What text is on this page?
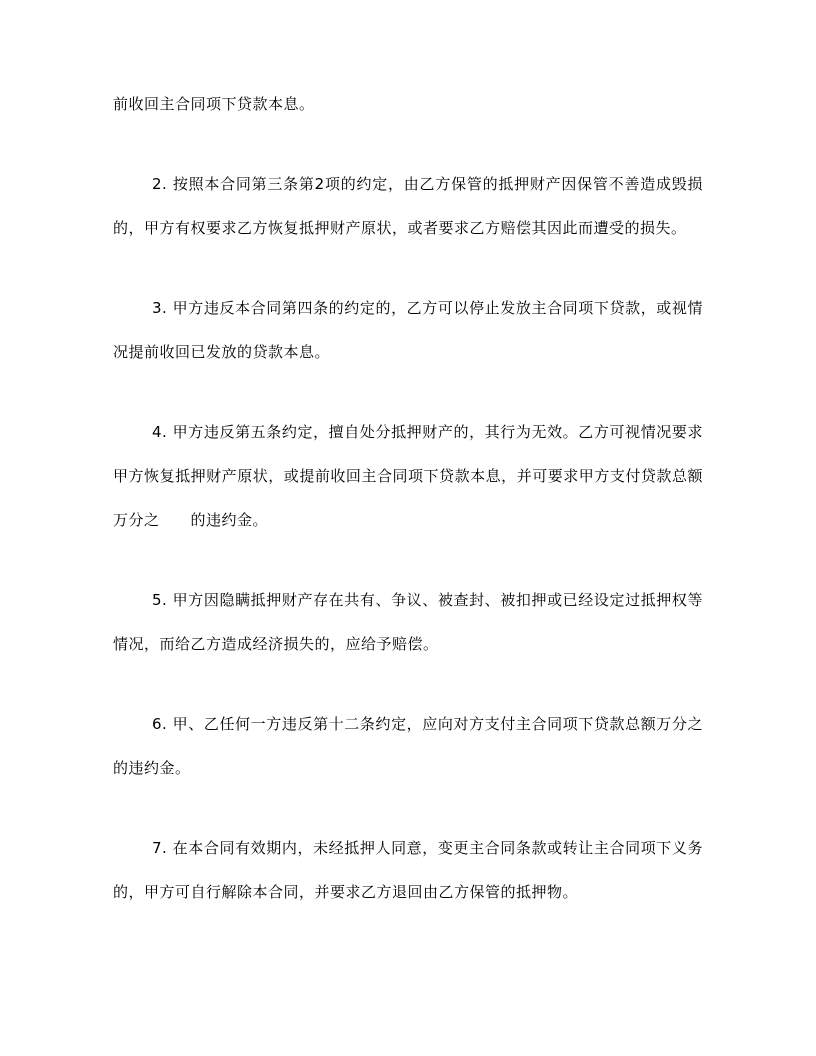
前收回主合同项下贷款本息。

2. 按照本合同第三条第2项的约定，由乙方保管的抵押财产因保管不善造成毁损的，甲方有权要求乙方恢复抵押财产原状，或者要求乙方赔偿其因此而遭受的损失。

3. 甲方违反本合同第四条的约定的，乙方可以停止发放主合同项下贷款，或视情况提前收回已发放的贷款本息。

4. 甲方违反第五条约定，擅自处分抵押财产的，其行为无效。乙方可视情况要求甲方恢复抵押财产原状，或提前收回主合同项下贷款本息，并可要求甲方支付贷款总额万分之　　的违约金。

5. 甲方因隐瞒抵押财产存在共有、争议、被查封、被扣押或已经设定过抵押权等情况，而给乙方造成经济损失的，应给予赔偿。

6. 甲、乙任何一方违反第十二条约定，应向对方支付主合同项下贷款总额万分之　　的违约金。

7. 在本合同有效期内，未经抵押人同意，变更主合同条款或转让主合同项下义务的，甲方可自行解除本合同，并要求乙方退回由乙方保管的抵押物。
